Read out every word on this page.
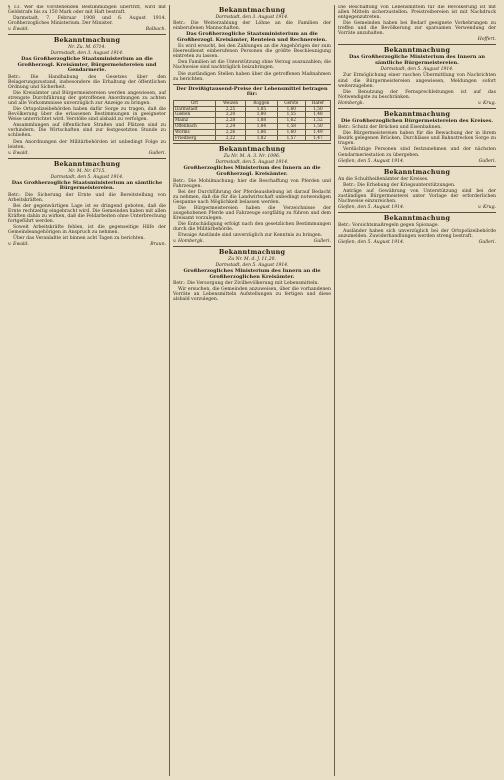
§ 13. Wer die vorstehenden Bestimmungen übertritt, wird mit Geldstrafe bis zu 150 Mark oder mit Haft bestraft.

Darmstadt, 7. Februar 1908 und 6. August 1914. Großherzogliches Ministerium. Der Minister.

v. Ewald.	Balbach.
Bekanntmachung
Nr. Zu. M. 6714.
Darmstadt, den 3. August 1914.
Das Großherzogliche Staatsministerium an die Großherzogl. Kreisämter, Bürgermeistereien und Gendarmerie.

Betr.: Die Handhabung des Gesetzes über den Belagerungszustand, insbesondere die Erhaltung der öffentlichen Ordnung und Sicherheit.

Die Kreisämter und Bürgermeistereien werden angewiesen, auf strengste Durchführung der getroffenen Anordnungen zu achten und alle Vorkommnisse unverzüglich zur Anzeige zu bringen.

Die Ortspolizeibehörden haben dafür Sorge zu tragen, daß die Bevölkerung über die erlassenen Bestimmungen in geeigneter Weise unterrichtet wird. Verstöße sind alsbald zu verfolgen.

Ansammlungen auf öffentlichen Straßen und Plätzen sind zu verhindern. Die Wirtschaften sind zur festgesetzten Stunde zu schließen.

Den Anordnungen der Militärbehörden ist unbedingt Folge zu leisten.

v. Ewald.	Gulleri.
Bekanntmachung
Nr. M. Nr. 6715.
Darmstadt, den 5. August 1914.
Das Großherzogliche Staatsministerium an sämtliche Bürgermeistereien.

Betr.: Die Sicherung der Ernte und die Bereitstellung von Arbeitskräften.

Bei der gegenwärtigen Lage ist es dringend geboten, daß die Ernte rechtzeitig eingebracht wird. Die Gemeinden haben mit allen Kräften dahin zu wirken, daß die Feldarbeiten ohne Unterbrechung fortgeführt werden.

Soweit Arbeitskräfte fehlen, ist die gegenseitige Hilfe der Gemeindeangehörigen in Anspruch zu nehmen.

Über das Veranlaßte ist binnen acht Tagen zu berichten.

v. Ewald.	Braun.
Bekanntmachung
Darmstadt, den 3. August 1914.

Betr.: Die Weiterzahlung der Löhne an die Familien der einberufenen Mannschaften.

Das Großherzogliche Staatsministerium an die Großherzogl. Kreisämter, Renteien und Rechnereien.

Es wird ersucht, bei den Zahlungen an die Angehörigen der zum Heeresdienst einberufenen Personen die größte Beschleunigung eintreten zu lassen.

Den Familien ist die Unterstützung ohne Verzug auszuzahlen; die Nachweise sind nachträglich beizubringen.

Die zuständigen Stellen haben über die getroffenen Maßnahmen zu berichten.

Der Dreißigtausend-Preise der Lebensmittel betragen für:
Ort	Weizen	Roggen	Gerste	Hafer
Darmstadt	2,25	1,85	1,60	1,50
Gießen	2,20	1,80	1,55	1,48
Mainz	2,28	1,88	1,62	1,52
Offenbach	2,24	1,84	1,58	1,50
Worms	2,26	1,86	1,60	1,49
Friedberg	2,22	1,82	1,57	1,47
Bekanntmachung
Zu Nr. M. A. 3. Nr. 1096.
Darmstadt, den 5. August 1914.
Großherzogliches Ministerium des Innern an die Großherzogl. Kreisämter.

Betr.: Die Mobilmachung; hier die Beschaffung von Pferden und Fahrzeugen.

Bei der Durchführung der Pferdeaushebung ist darauf Bedacht zu nehmen, daß die für die Landwirtschaft unbedingt notwendigen Gespanne nach Möglichkeit belassen werden.

Die Bürgermeistereien haben die Verzeichnisse der ausgehobenen Pferde und Fahrzeuge sorgfältig zu führen und dem Kreisamt vorzulegen.

Die Entschädigung erfolgt nach den gesetzlichen Bestimmungen durch die Militärbehörde.

Etwaige Anstände sind unverzüglich zur Kenntnis zu bringen.

v. Hombergk.	Gulleri.
Bekanntmachung
Zu Nr. M. d. J. 11,20.
Darmstadt, den 5. August 1914.
Großherzogliches Ministerium des Innern an die Großherzoglichen Kreisämter.

Betr.: Die Versorgung der Zivilbevölkerung mit Lebensmitteln.

Wir ersuchen, die Gemeinden anzuweisen, über die vorhandenen Vorräte an Lebensmitteln Aufstellungen zu fertigen und diese alsbald vorzulegen.

Die Beschaffung von Lebensmitteln für die Bevölkerung ist mit allen Mitteln sicherzustellen. Preistreibereien ist mit Nachdruck entgegenzutreten.

Die Gemeinden haben bei Bedarf geeignete Vorkehrungen zu treffen und die Bevölkerung zur sparsamen Verwendung der Vorräte anzuhalten.

Hoffert.
Bekanntmachung
Das Großherzogliche Ministerium des Innern an sämtliche Bürgermeistereien.
Darmstadt, den 5. August 1914.

Zur Ermöglichung einer raschen Übermittlung von Nachrichten sind die Bürgermeistereien angewiesen, Meldungen sofort weiterzugeben.

Die Benutzung der Fernsprechleitungen ist auf das Notwendigste zu beschränken.

Hombergk.	v. Krug.
Bekanntmachung
Die Großherzoglichen Bürgermeistereien des Kreises.

Betr.: Schutz der Brücken und Eisenbahnen.

Die Bürgermeistereien haben für die Bewachung der in ihrem Bezirk gelegenen Brücken, Durchlässe und Bahnstrecken Sorge zu tragen.

Verdächtige Personen sind festzunehmen und der nächsten Gendarmeriestation zu übergeben.

Gießen, den 5. August 1914.	Gulleri.
Bekanntmachung

An die Schultheißenämter der Kreises.

Betr.: Die Erhebung der Kriegsunterstützungen.

Anträge auf Gewährung von Unterstützung sind bei der zuständigen Bürgermeisterei unter Vorlage der erforderlichen Nachweise einzureichen.

Gießen, den 5. August 1914.	v. Krug.
Bekanntmachung

Betr.: Vorsichtsmaßregeln gegen Spionage.

Ausländer haben sich unverzüglich bei der Ortspolizeibehörde anzumelden. Zuwiderhandlungen werden streng bestraft.

Gießen, den 5. August 1914.	Gulleri.
